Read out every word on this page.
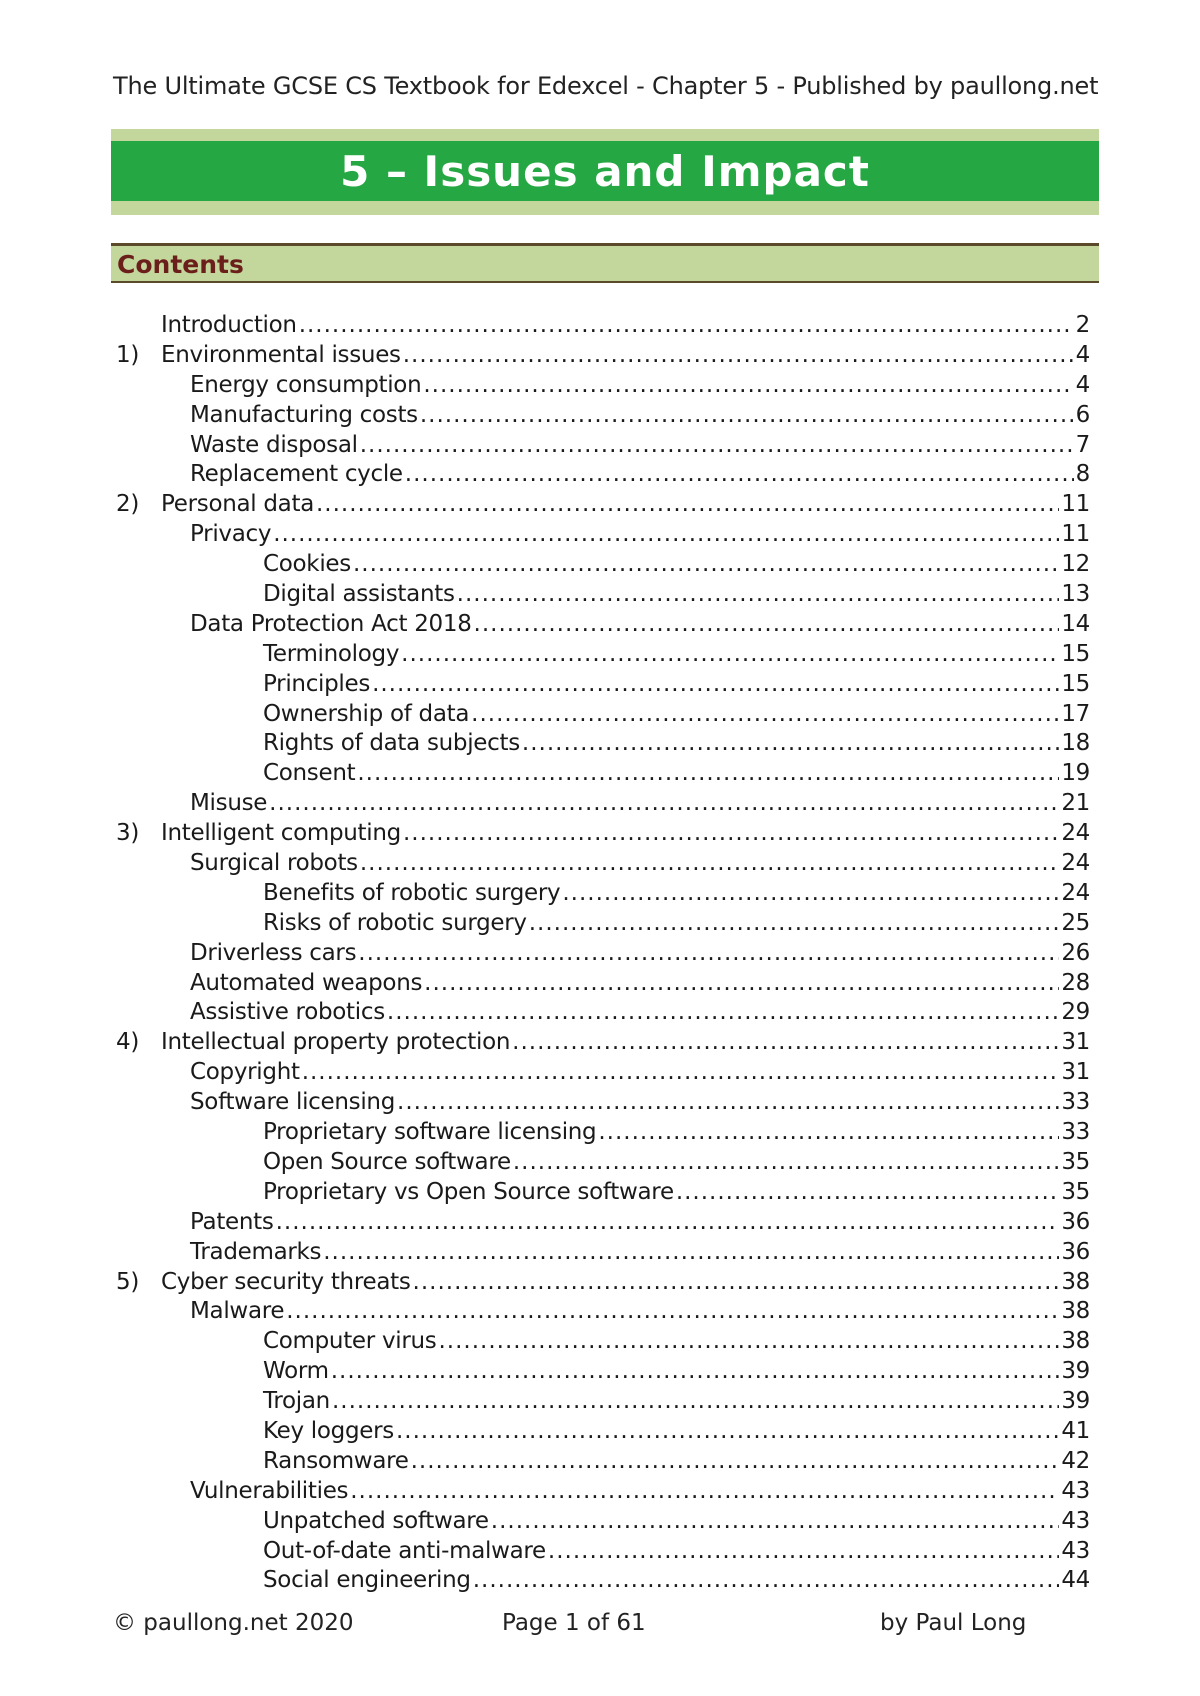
The Ultimate GCSE CS Textbook for Edexcel - Chapter 5 - Published by paullong.net
5 – Issues and Impact
Contents
Introduction .....	2
1) Environmental issues .....	4
Energy consumption .....	4
Manufacturing costs .....	6
Waste disposal .....	7
Replacement cycle .....	8
2) Personal data .....	11
Privacy .....	11
Cookies .....	12
Digital assistants .....	13
Data Protection Act 2018 .....	14
Terminology .....	15
Principles .....	15
Ownership of data .....	17
Rights of data subjects .....	18
Consent .....	19
Misuse .....	21
3) Intelligent computing .....	24
Surgical robots .....	24
Benefits of robotic surgery .....	24
Risks of robotic surgery .....	25
Driverless cars .....	26
Automated weapons .....	28
Assistive robotics .....	29
4) Intellectual property protection .....	31
Copyright .....	31
Software licensing .....	33
Proprietary software licensing .....	33
Open Source software .....	35
Proprietary vs Open Source software .....	35
Patents .....	36
Trademarks .....	36
5) Cyber security threats .....	38
Malware .....	38
Computer virus .....	38
Worm .....	39
Trojan .....	39
Key loggers .....	41
Ransomware .....	42
Vulnerabilities .....	43
Unpatched software .....	43
Out-of-date anti-malware .....	43
Social engineering .....	44
© paullong.net 2020	Page 1 of 61	by Paul Long
